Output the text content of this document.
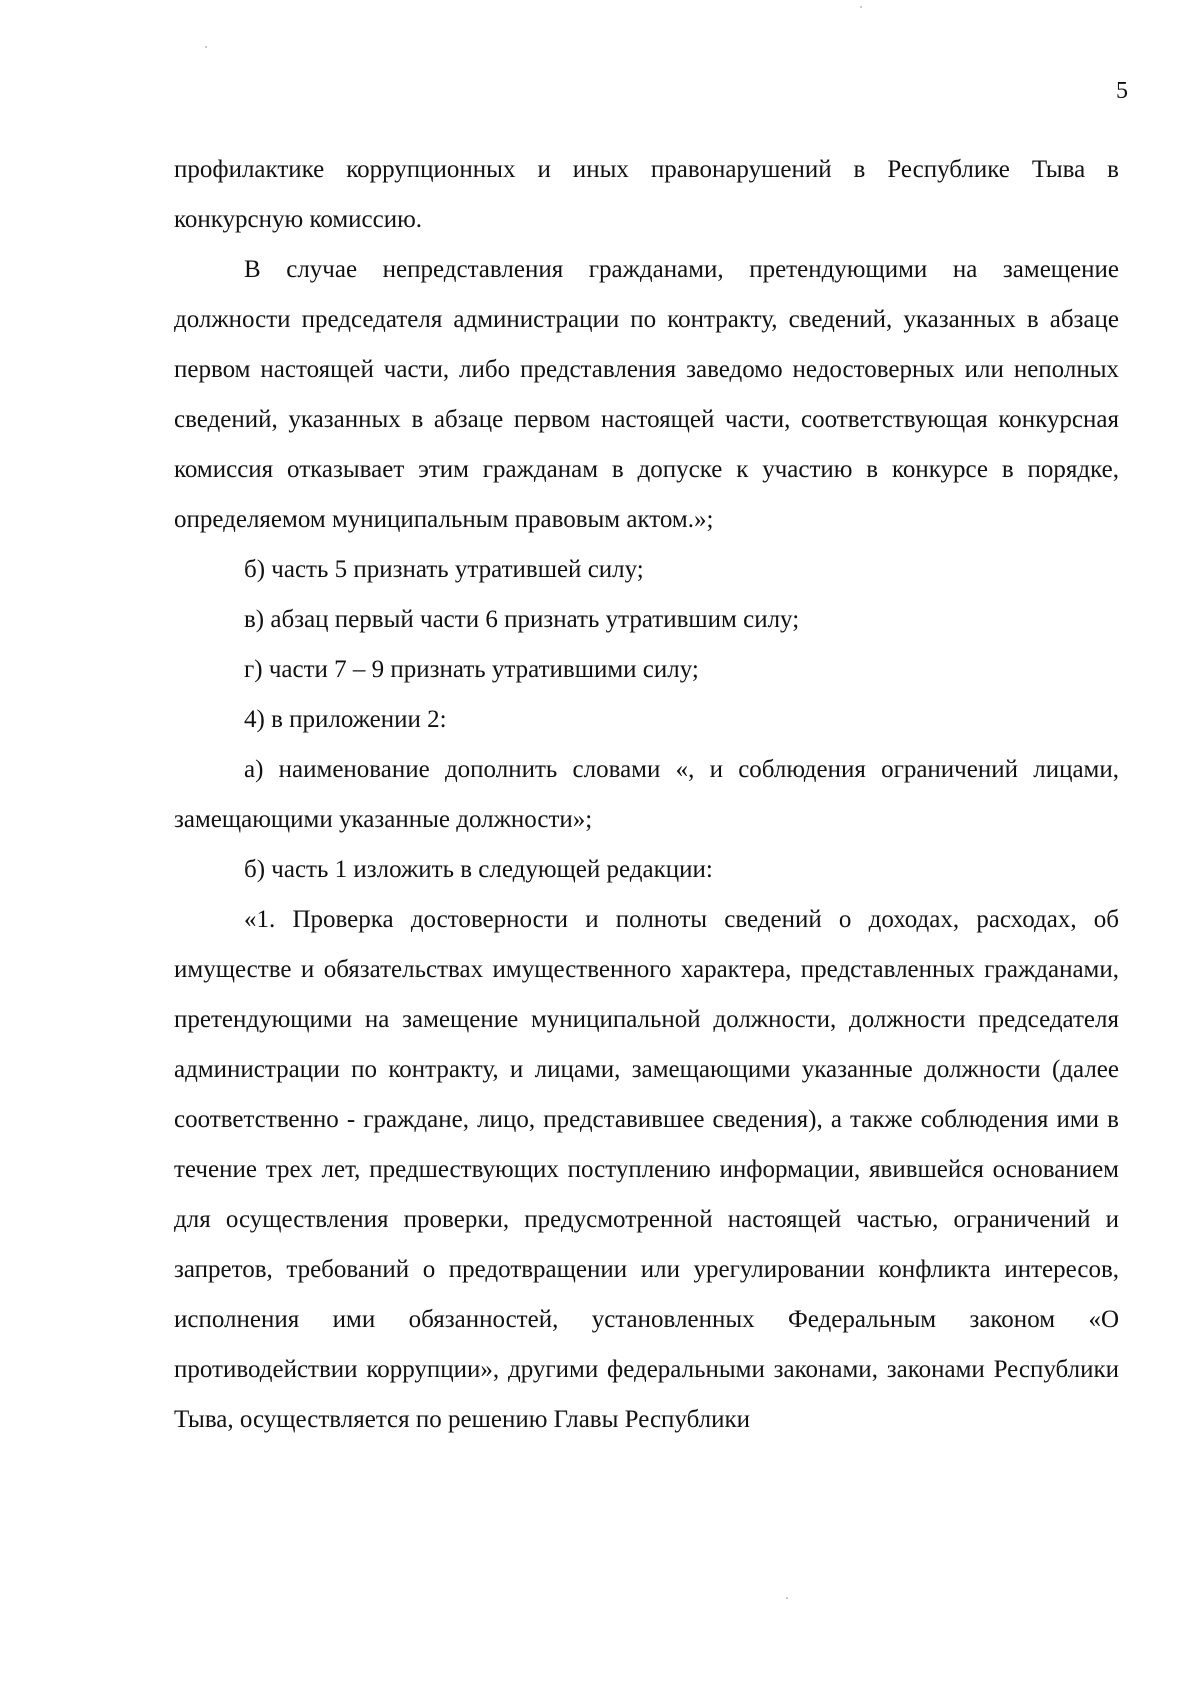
5

профилактике коррупционных и иных правонарушений в Республике Тыва в конкурсную комиссию.

В случае непредставления гражданами, претендующими на замещение должности председателя администрации по контракту, сведений, указанных в абзаце первом настоящей части, либо представления заведомо недостоверных или неполных сведений, указанных в абзаце первом настоящей части, соответствующая конкурсная комиссия отказывает этим гражданам в допуске к участию в конкурсе в порядке, определяемом муниципальным правовым актом.»;

б) часть 5 признать утратившей силу;

в) абзац первый части 6 признать утратившим силу;

г) части 7 – 9 признать утратившими силу;

4) в приложении 2:

а) наименование дополнить словами «, и соблюдения ограничений лицами, замещающими указанные должности»;

б) часть 1 изложить в следующей редакции:

«1. Проверка достоверности и полноты сведений о доходах, расходах, об имуществе и обязательствах имущественного характера, представленных гражданами, претендующими на замещение муниципальной должности, должности председателя администрации по контракту, и лицами, замещающими указанные должности (далее соответственно - граждане, лицо, представившее сведения), а также соблюдения ими в течение трех лет, предшествующих поступлению информации, явившейся основанием для осуществления проверки, предусмотренной настоящей частью, ограничений и запретов, требований о предотвращении или урегулировании конфликта интересов, исполнения ими обязанностей, установленных Федеральным законом «О противодействии коррупции», другими федеральными законами, законами Республики Тыва, осуществляется по решению Главы Республики
